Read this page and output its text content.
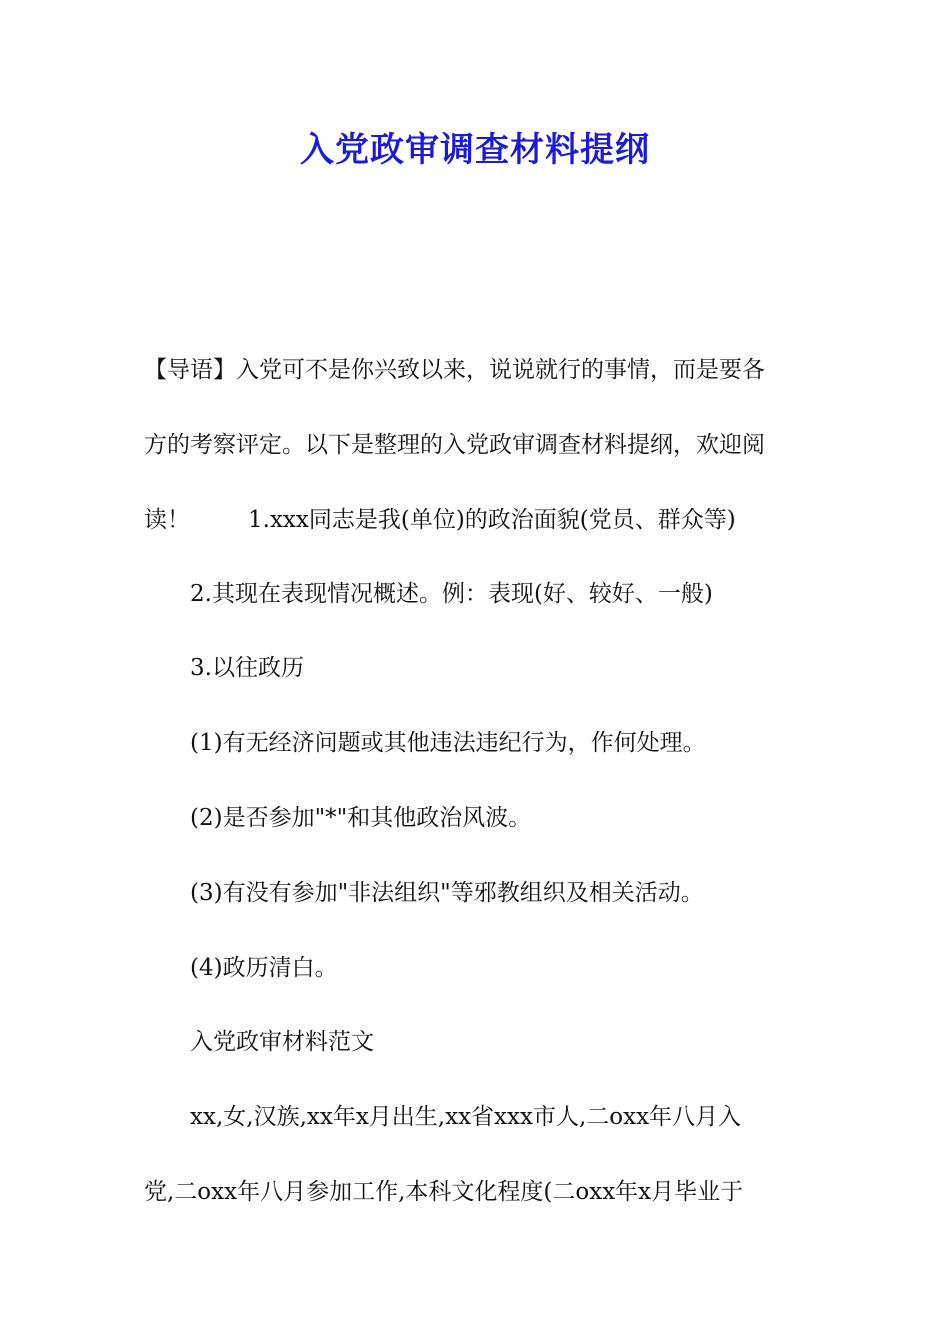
入党政审调查材料提纲

【导语】入党可不是你兴致以来，说说就行的事情，而是要各

方的考察评定。以下是整理的入党政审调查材料提纲，欢迎阅

读！	1.xxx同志是我(单位)的政治面貌(党员、群众等)

2.其现在表现情况概述。例：表现(好、较好、一般)

3.以往政历

(1)有无经济问题或其他违法违纪行为，作何处理。

(2)是否参加"*"和其他政治风波。

(3)有没有参加"非法组织"等邪教组织及相关活动。

(4)政历清白。

入党政审材料范文

xx,女,汉族,xx年x月出生,xx省xxx市人,二oxx年八月入

党,二oxx年八月参加工作,本科文化程度(二oxx年x月毕业于
